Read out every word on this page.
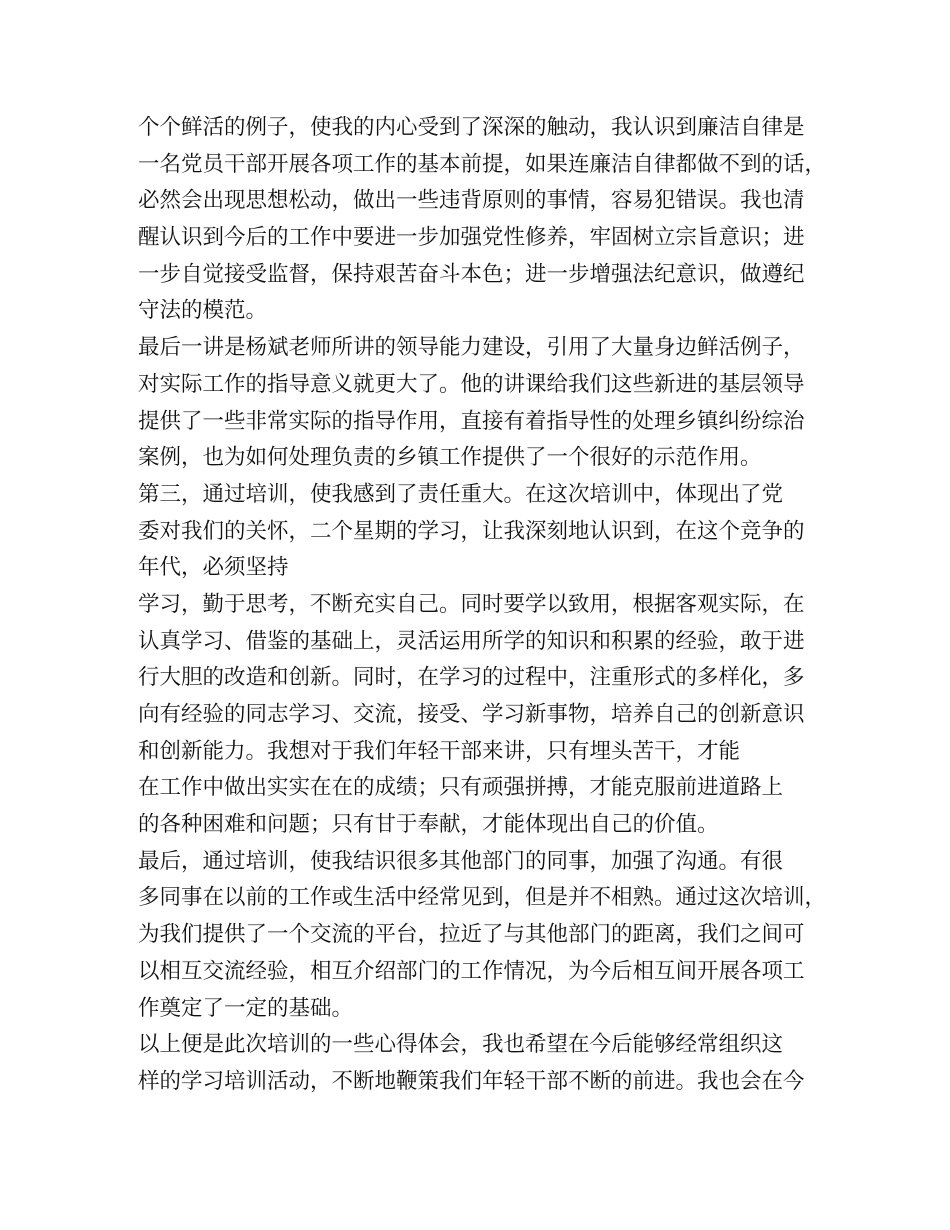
个个鲜活的例子，使我的内心受到了深深的触动，我认识到廉洁自律是
一名党员干部开展各项工作的基本前提，如果连廉洁自律都做不到的话，
必然会出现思想松动，做出一些违背原则的事情，容易犯错误。我也清
醒认识到今后的工作中要进一步加强党性修养，牢固树立宗旨意识；进
一步自觉接受监督，保持艰苦奋斗本色；进一步增强法纪意识，做遵纪
守法的模范。
最后一讲是杨斌老师所讲的领导能力建设，引用了大量身边鲜活例子，
对实际工作的指导意义就更大了。他的讲课给我们这些新进的基层领导
提供了一些非常实际的指导作用，直接有着指导性的处理乡镇纠纷综治
案例，也为如何处理负责的乡镇工作提供了一个很好的示范作用。
第三，通过培训，使我感到了责任重大。在这次培训中，体现出了党
委对我们的关怀，二个星期的学习，让我深刻地认识到，在这个竞争的
年代，必须坚持
学习，勤于思考，不断充实自己。同时要学以致用，根据客观实际，在
认真学习、借鉴的基础上，灵活运用所学的知识和积累的经验，敢于进
行大胆的改造和创新。同时，在学习的过程中，注重形式的多样化，多
向有经验的同志学习、交流，接受、学习新事物，培养自己的创新意识
和创新能力。我想对于我们年轻干部来讲，只有埋头苦干，才能
在工作中做出实实在在的成绩；只有顽强拼搏，才能克服前进道路上
的各种困难和问题；只有甘于奉献，才能体现出自己的价值。
最后，通过培训，使我结识很多其他部门的同事，加强了沟通。有很
多同事在以前的工作或生活中经常见到，但是并不相熟。通过这次培训，
为我们提供了一个交流的平台，拉近了与其他部门的距离，我们之间可
以相互交流经验，相互介绍部门的工作情况，为今后相互间开展各项工
作奠定了一定的基础。
以上便是此次培训的一些心得体会，我也希望在今后能够经常组织这
样的学习培训活动，不断地鞭策我们年轻干部不断的前进。我也会在今
